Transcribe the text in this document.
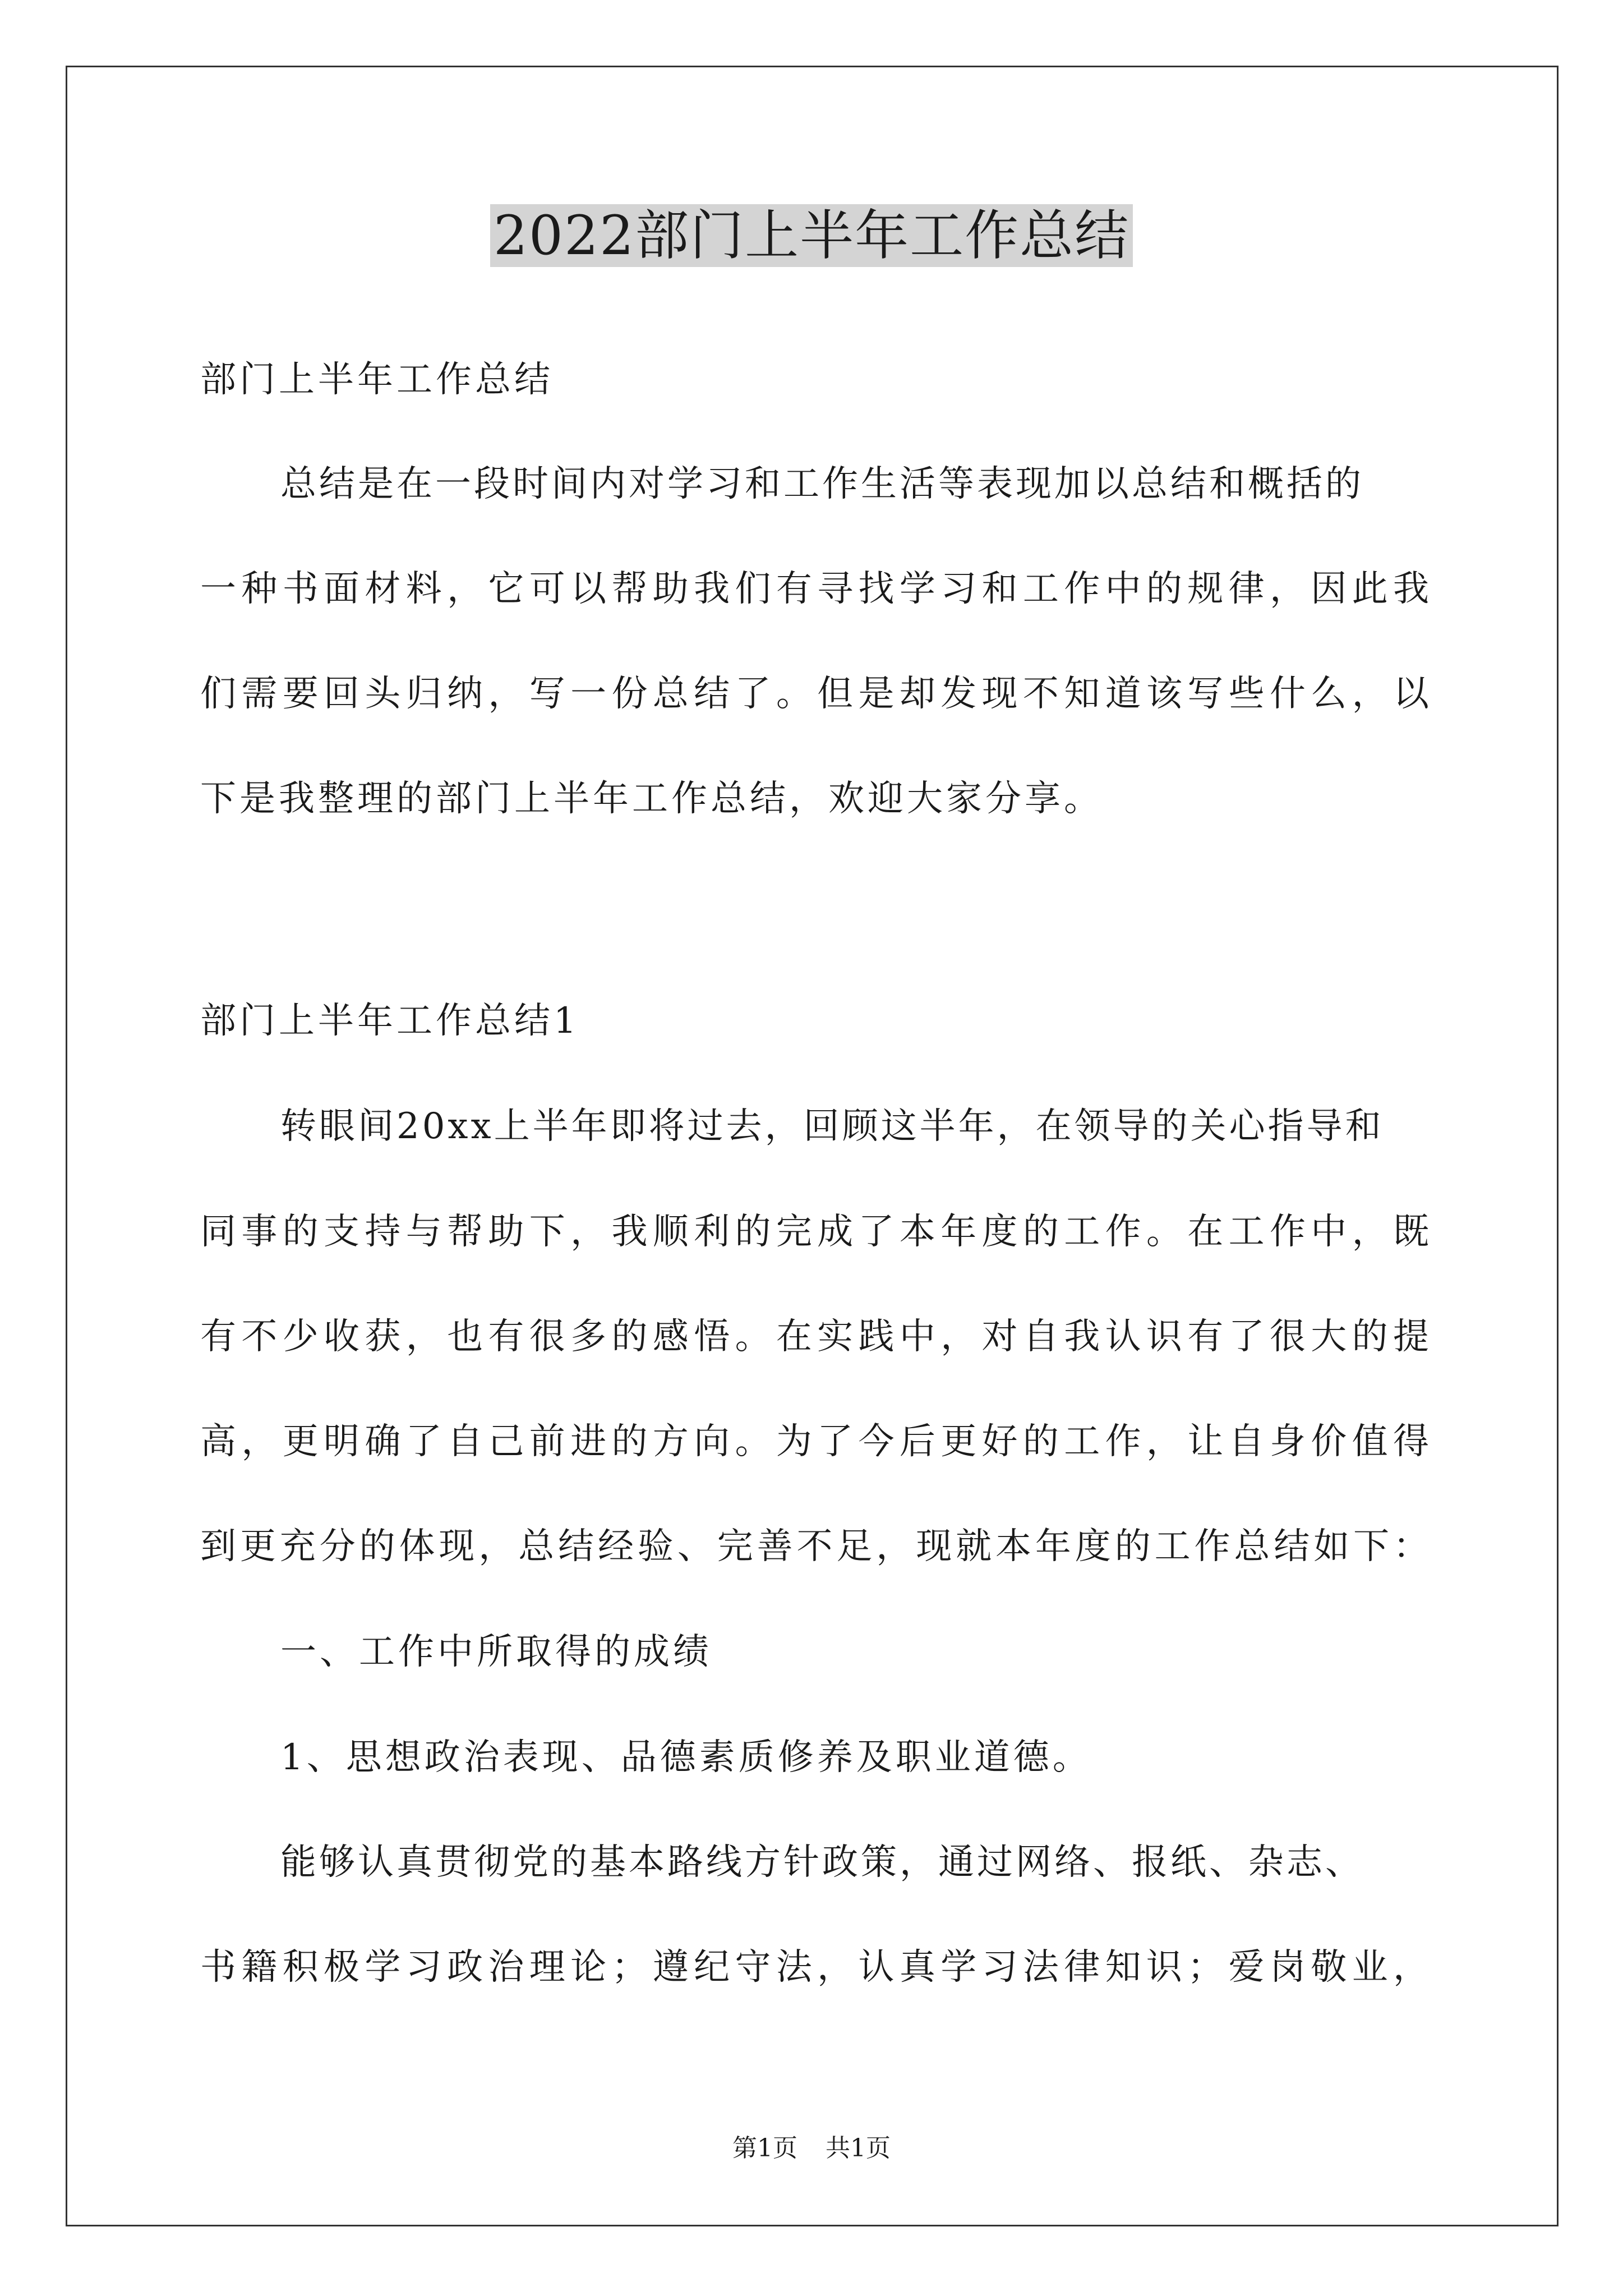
2022部门上半年工作总结

部门上半年工作总结

总结是在一段时间内对学习和工作生活等表现加以总结和概括的

一种书面材料，它可以帮助我们有寻找学习和工作中的规律，因此我

们需要回头归纳，写一份总结了。但是却发现不知道该写些什么，以

下是我整理的部门上半年工作总结，欢迎大家分享。

部门上半年工作总结1

转眼间20xx上半年即将过去，回顾这半年，在领导的关心指导和

同事的支持与帮助下，我顺利的完成了本年度的工作。在工作中，既

有不少收获，也有很多的感悟。在实践中，对自我认识有了很大的提

高，更明确了自己前进的方向。为了今后更好的工作，让自身价值得

到更充分的体现，总结经验、完善不足，现就本年度的工作总结如下：

一、工作中所取得的成绩

1、思想政治表现、品德素质修养及职业道德。

能够认真贯彻党的基本路线方针政策，通过网络、报纸、杂志、

书籍积极学习政治理论；遵纪守法，认真学习法律知识；爱岗敬业，

第1页 共1页
